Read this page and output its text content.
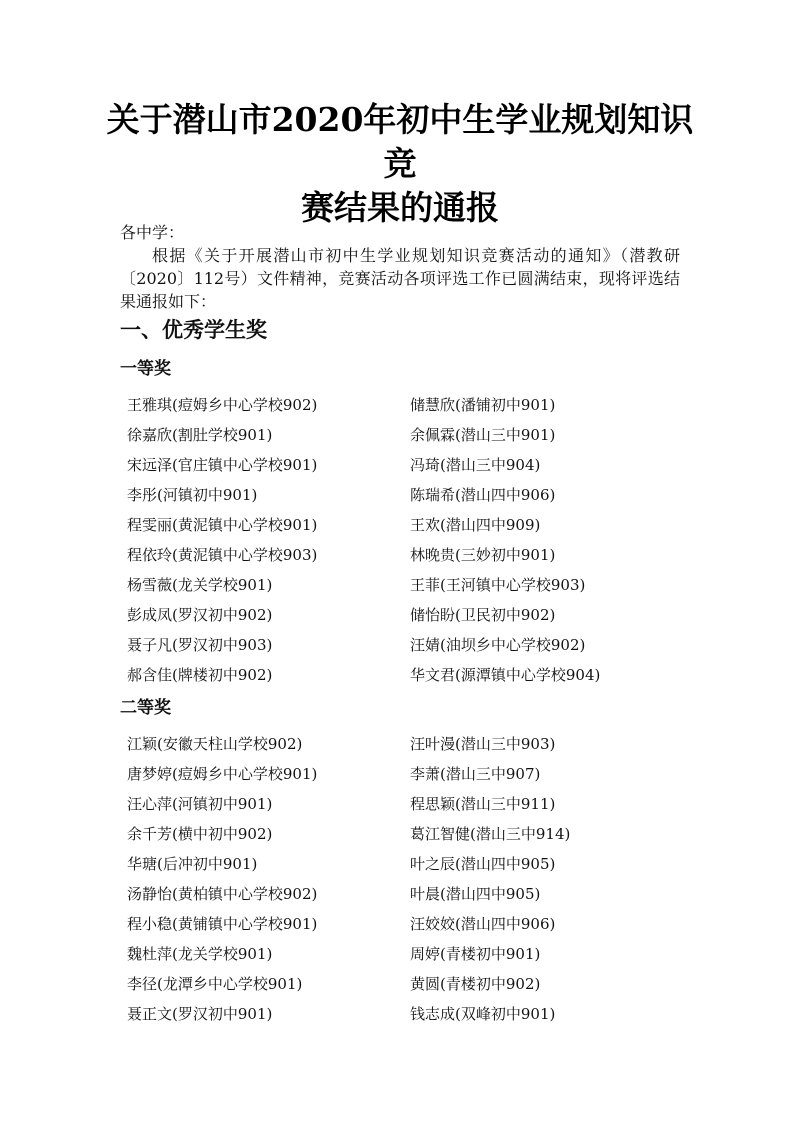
关于潜山市2020年初中生学业规划知识竞
赛结果的通报
各中学：
根据《关于开展潜山市初中生学业规划知识竞赛活动的通知》（潜教研〔2020〕112号）文件精神，竞赛活动各项评选工作已圆满结束，现将评选结果通报如下：
一、优秀学生奖
一等奖
王雅琪(痘姆乡中心学校902)	储慧欣(潘铺初中901)
徐嘉欣(割肚学校901)	余佩霖(潜山三中901)
宋远泽(官庄镇中心学校901)	冯琦(潜山三中904)
李彤(河镇初中901)	陈瑞希(潜山四中906)
程雯丽(黄泥镇中心学校901)	王欢(潜山四中909)
程依玲(黄泥镇中心学校903)	林晚贵(三妙初中901)
杨雪薇(龙关学校901)	王菲(王河镇中心学校903)
彭成凤(罗汉初中902)	储怡盼(卫民初中902)
聂子凡(罗汉初中903)	汪婧(油坝乡中心学校902)
郝含佳(牌楼初中902)	华文君(源潭镇中心学校904)
二等奖
江颖(安徽天柱山学校902)	汪叶漫(潜山三中903)
唐梦婷(痘姆乡中心学校901)	李萧(潜山三中907)
汪心萍(河镇初中901)	程思颖(潜山三中911)
余千芳(横中初中902)	葛江智健(潜山三中914)
华瑭(后冲初中901)	叶之辰(潜山四中905)
汤静怡(黄柏镇中心学校902)	叶晨(潜山四中905)
程小稳(黄铺镇中心学校901)	汪姣姣(潜山四中906)
魏杜萍(龙关学校901)	周婷(青楼初中901)
李径(龙潭乡中心学校901)	黄圆(青楼初中902)
聂正文(罗汉初中901)	钱志成(双峰初中901)
